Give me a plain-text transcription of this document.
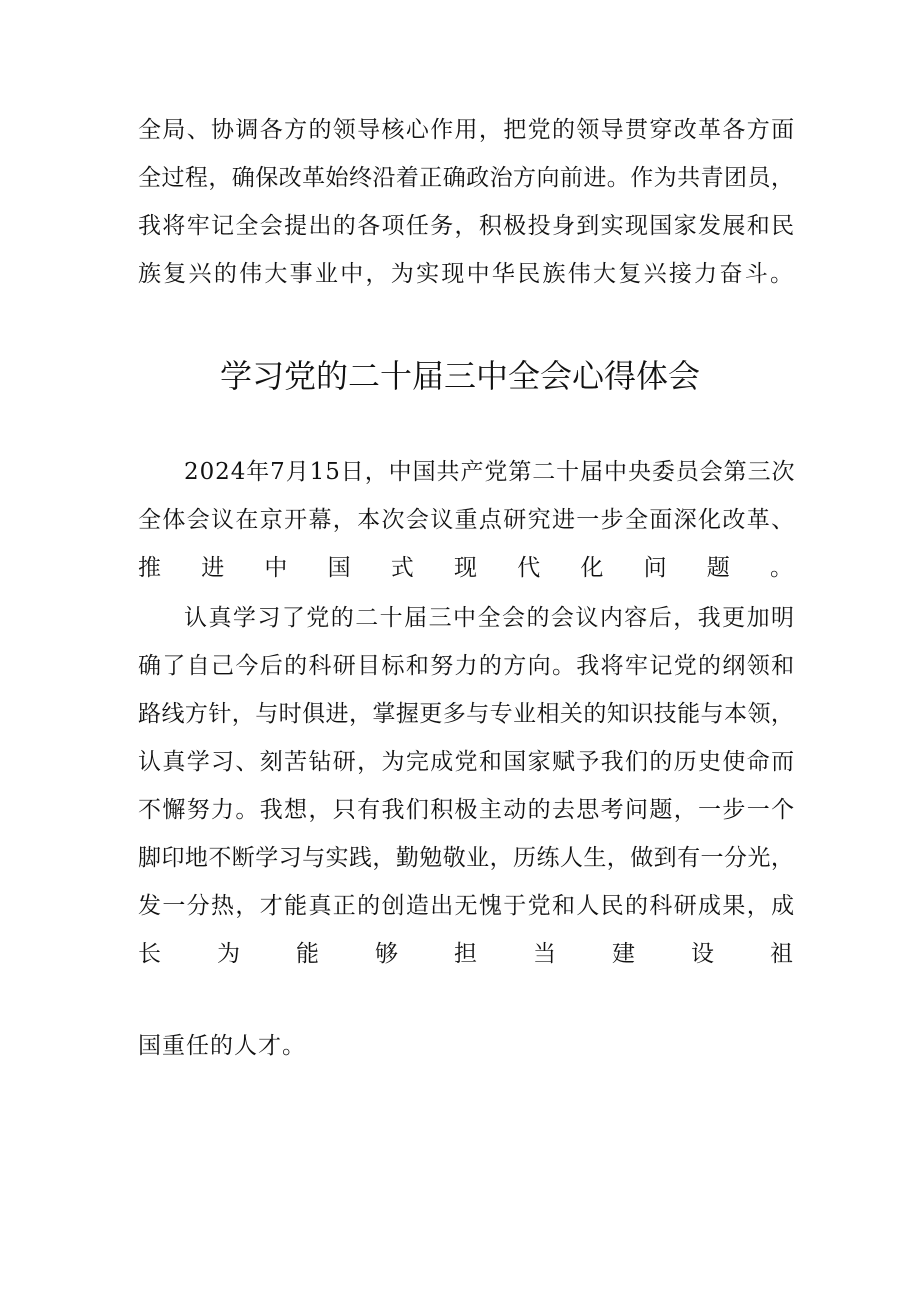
全局、协调各方的领导核心作用，把党的领导贯穿改革各方面
全过程，确保改革始终沿着正确政治方向前进。作为共青团员，
我将牢记全会提出的各项任务，积极投身到实现国家发展和民
族复兴的伟大事业中，为实现中华民族伟大复兴接力奋斗。
学习党的二十届三中全会心得体会
2024年7月15日，中国共产党第二十届中央委员会第三次
全体会议在京开幕，本次会议重点研究进一步全面深化改革、
推进中国式现代化问题。
认真学习了党的二十届三中全会的会议内容后，我更加明
确了自己今后的科研目标和努力的方向。我将牢记党的纲领和
路线方针，与时俱进，掌握更多与专业相关的知识技能与本领，
认真学习、刻苦钻研，为完成党和国家赋予我们的历史使命而
不懈努力。我想，只有我们积极主动的去思考问题，一步一个
脚印地不断学习与实践，勤勉敬业，历练人生，做到有一分光，
发一分热，才能真正的创造出无愧于党和人民的科研成果，成
长为能够担当建设祖
国重任的人才。
